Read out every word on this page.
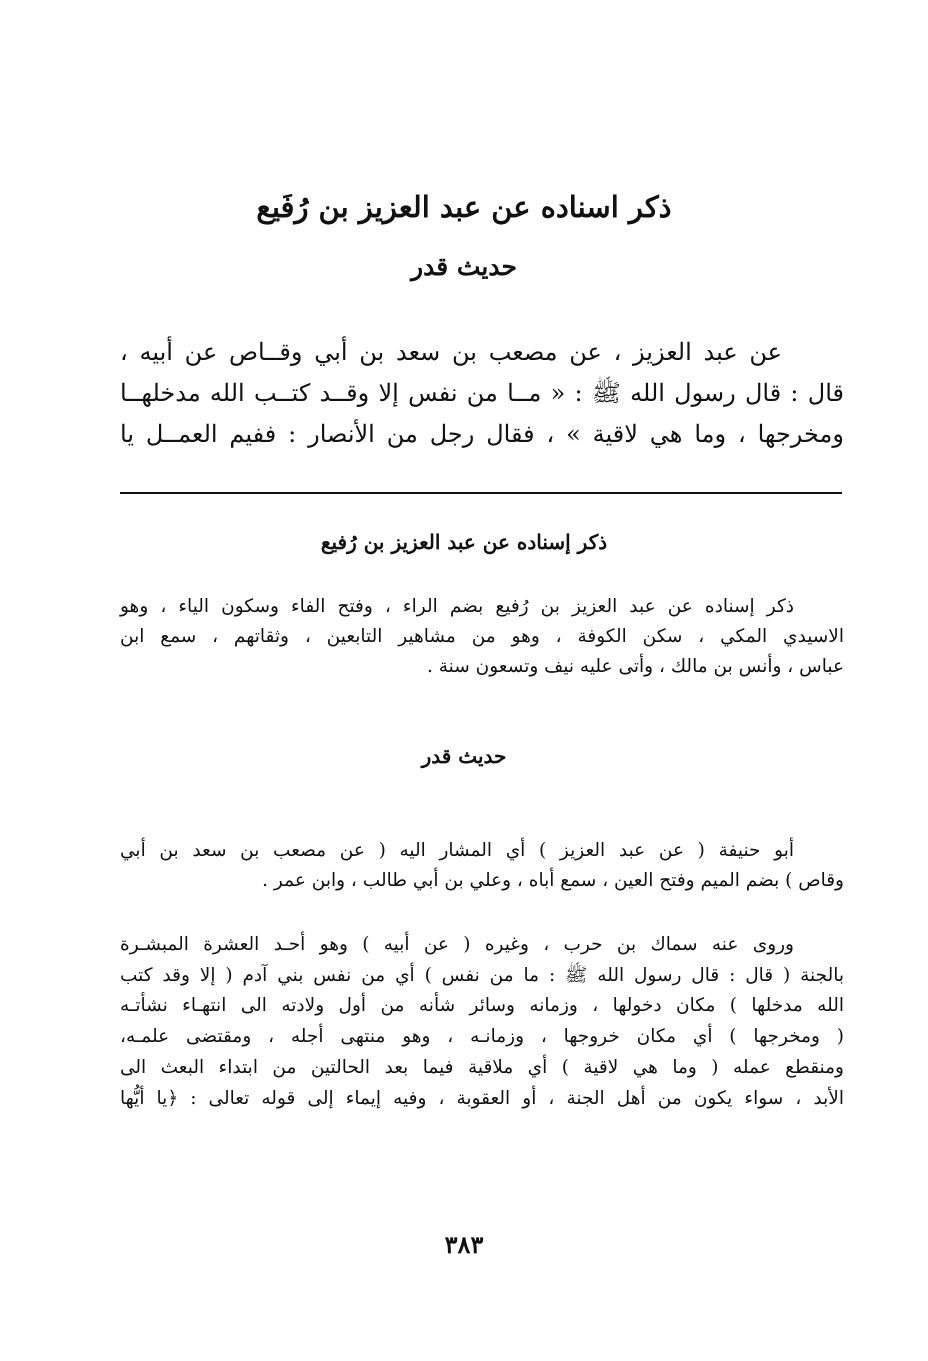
ذكر اسناده عن عبد العزيز بن رُفَيع
حديث قدر
عن عبد العزيز ، عن مصعب بن سعد بن أبي وقــاص عن أبيه ،
قال : قال رسول الله ﷺ : « مــا من نفس إلا وقــد كتــب الله مدخلهــا
ومخرجها ، وما هي لاقية » ، فقال رجل من الأنصار : ففيم العمــل يا
ذكر إسناده عن عبد العزيز بن رُفيع
ذكر إسناده عن عبد العزيز بن رُفيع بضم الراء ، وفتح الفاء وسكون الياء ، وهو
الاسيدي المكي ، سكن الكوفة ، وهو من مشاهير التابعين ، وثقاتهم ، سمع ابن
عباس ، وأنس بن مالك ، وأتى عليه نيف وتسعون سنة .
حديث قدر
أبو حنيفة ( عن عبد العزيز ) أي المشار اليه ( عن مصعب بن سعد بن أبي
وقاص ) بضم الميم وفتح العين ، سمع أباه ، وعلي بن أبي طالب ، وابن عمر .
وروى عنه سماك بن حرب ، وغيره ( عن أبيه ) وهو أحـد العشرة المبشـرة
بالجنة ( قال : قال رسول الله ﷺ : ما من نفس ) أي من نفس بني آدم ( إلا وقد كتب
الله مدخلها ) مكان دخولها ، وزمانه وسائر شأنه من أول ولادته الى انتهـاء نشأتـه
( ومخرجها ) أي مكان خروجها ، وزمانـه ، وهو منتهى أجله ، ومقتضى علمـه،
ومنقطع عمله ( وما هي لاقية ) أي ملاقية فيما بعد الحالتين من ابتداء البعث الى
الأبد ، سواء يكون من أهل الجنة ، أو العقوبة ، وفيه إيماء إلى قوله تعالى : ﴿يا أيُّها
٣٨٣
